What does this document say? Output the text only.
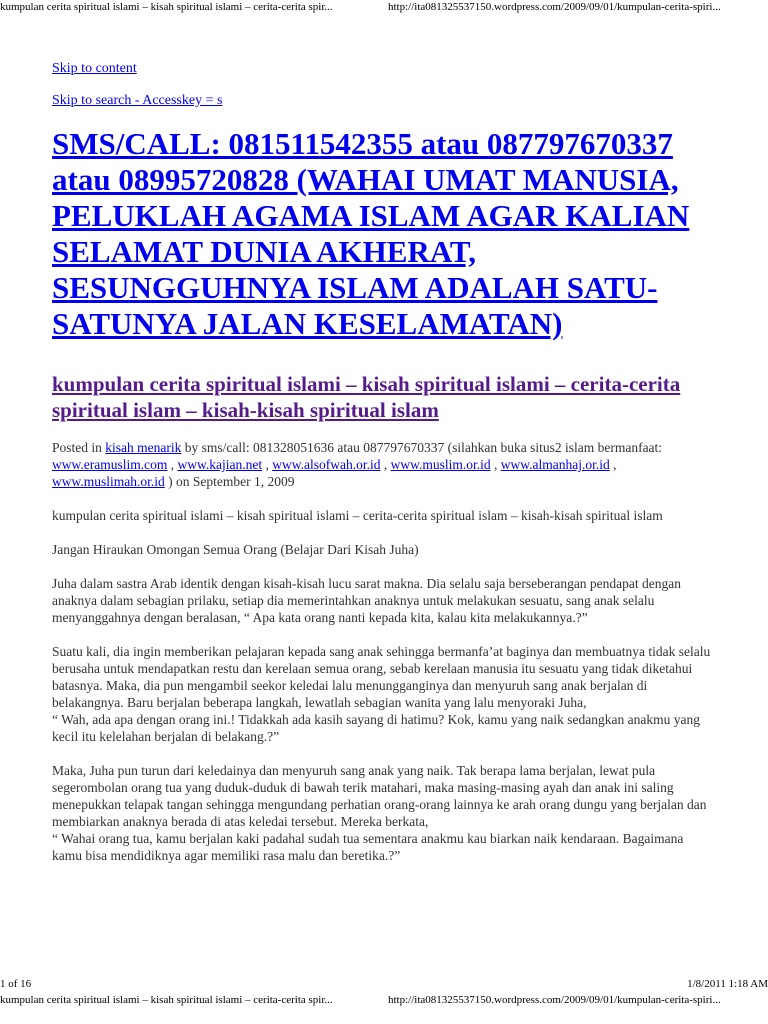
kumpulan cerita spiritual islami – kisah spiritual islami – cerita-cerita spir...	http://ita081325537150.wordpress.com/2009/09/01/kumpulan-cerita-spiri...
Skip to content
Skip to search - Accesskey = s
SMS/CALL: 081511542355 atau 087797670337 atau 08995720828 (WAHAI UMAT MANUSIA, PELUKLAH AGAMA ISLAM AGAR KALIAN SELAMAT DUNIA AKHERAT, SESUNGGUHNYA ISLAM ADALAH SATU-SATUNYA JALAN KESELAMATAN)
kumpulan cerita spiritual islami – kisah spiritual islami – cerita-cerita spiritual islam – kisah-kisah spiritual islam
Posted in kisah menarik by sms/call: 081328051636 atau 087797670337 (silahkan buka situs2 islam bermanfaat: www.eramuslim.com , www.kajian.net , www.alsofwah.or.id , www.muslim.or.id , www.almanhaj.or.id , www.muslimah.or.id ) on September 1, 2009

kumpulan cerita spiritual islami – kisah spiritual islami – cerita-cerita spiritual islam – kisah-kisah spiritual islam

Jangan Hiraukan Omongan Semua Orang (Belajar Dari Kisah Juha)

Juha dalam sastra Arab identik dengan kisah-kisah lucu sarat makna. Dia selalu saja berseberangan pendapat dengan anaknya dalam sebagian prilaku, setiap dia memerintahkan anaknya untuk melakukan sesuatu, sang anak selalu menyanggahnya dengan beralasan, “ Apa kata orang nanti kepada kita, kalau kita melakukannya.?”

Suatu kali, dia ingin memberikan pelajaran kepada sang anak sehingga bermanfa’at baginya dan membuatnya tidak selalu berusaha untuk mendapatkan restu dan kerelaan semua orang, sebab kerelaan manusia itu sesuatu yang tidak diketahui batasnya. Maka, dia pun mengambil seekor keledai lalu menungganginya dan menyuruh sang anak berjalan di belakangnya. Baru berjalan beberapa langkah, lewatlah sebagian wanita yang lalu menyoraki Juha,

“ Wah, ada apa dengan orang ini.! Tidakkah ada kasih sayang di hatimu? Kok, kamu yang naik sedangkan anakmu yang kecil itu kelelahan berjalan di belakang.?”

Maka, Juha pun turun dari keledainya dan menyuruh sang anak yang naik. Tak berapa lama berjalan, lewat pula segerombolan orang tua yang duduk-duduk di bawah terik matahari, maka masing-masing ayah dan anak ini saling menepukkan telapak tangan sehingga mengundang perhatian orang-orang lainnya ke arah orang dungu yang berjalan dan membiarkan anaknya berada di atas keledai tersebut. Mereka berkata,

“ Wahai orang tua, kamu berjalan kaki padahal sudah tua sementara anakmu kau biarkan naik kendaraan. Bagaimana kamu bisa mendidiknya agar memiliki rasa malu dan beretika.?”

1 of 16	1/8/2011 1:18 AM
kumpulan cerita spiritual islami – kisah spiritual islami – cerita-cerita spir...	http://ita081325537150.wordpress.com/2009/09/01/kumpulan-cerita-spiri...
